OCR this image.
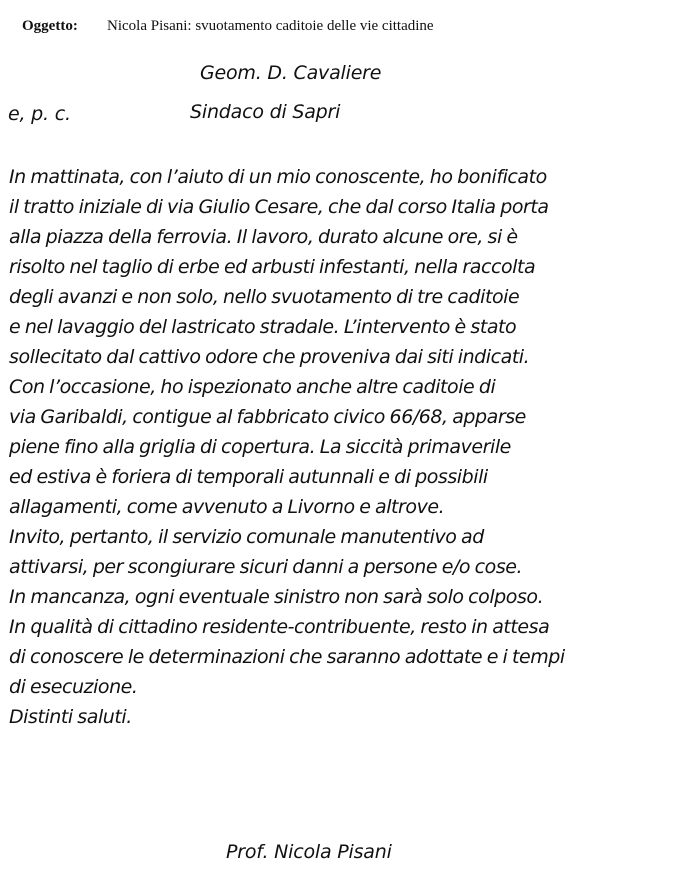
Oggetto: Nicola Pisani: svuotamento caditoie delle vie cittadine
Geom. D. Cavaliere
e, p. c.	Sindaco di Sapri
In mattinata, con l’aiuto di un mio conoscente, ho bonificato
il tratto iniziale di via Giulio Cesare, che dal corso Italia porta
alla piazza della ferrovia. Il lavoro, durato alcune ore, si è
risolto nel taglio di erbe ed arbusti infestanti, nella raccolta
degli avanzi e non solo, nello svuotamento di tre caditoie
e nel lavaggio del lastricato stradale. L’intervento è stato
sollecitato dal cattivo odore che proveniva dai siti indicati.
Con l’occasione, ho ispezionato anche altre caditoie di
via Garibaldi, contigue al fabbricato civico 66/68, apparse
piene fino alla griglia di copertura. La siccità primaverile
ed estiva è foriera di temporali autunnali e di possibili
allagamenti, come avvenuto a Livorno e altrove.
Invito, pertanto, il servizio comunale manutentivo ad
attivarsi, per scongiurare sicuri danni a persone e/o cose.
In mancanza, ogni eventuale sinistro non sarà solo colposo.
In qualità di cittadino residente-contribuente, resto in attesa
di conoscere le determinazioni che saranno adottate e i tempi
di esecuzione.
Distinti saluti.
Prof. Nicola Pisani
